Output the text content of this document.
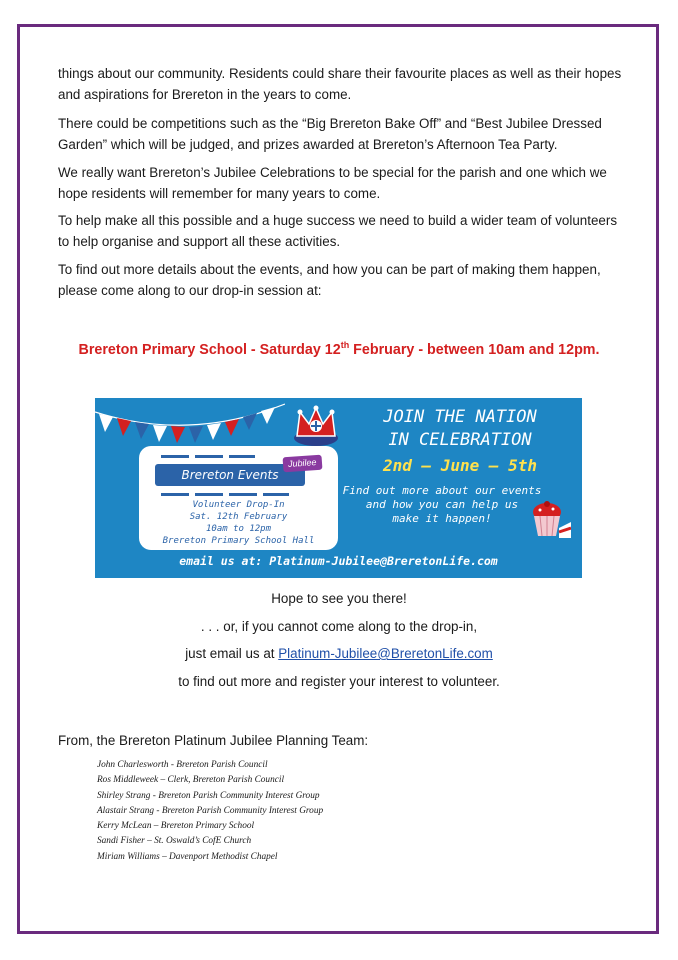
things about our community. Residents could share their favourite places as well as their hopes and aspirations for Brereton in the years to come.

There could be competitions such as the “Big Brereton Bake Off” and “Best Jubilee Dressed Garden” which will be judged, and prizes awarded at Brereton’s Afternoon Tea Party.

We really want Brereton’s Jubilee Celebrations to be special for the parish and one which we hope residents will remember for many years to come.

To help make all this possible and a huge success we need to build a wider team of volunteers to help organise and support all these activities.

To find out more details about the events, and how you can be part of making them happen, please come along to our drop-in session at:

Brereton Primary School - Saturday 12th February - between 10am and 12pm.
Brereton Events
Jubilee
Volunteer Drop-In
Sat. 12th February
10am to 12pm
Brereton Primary School Hall
JOIN THE NATION
IN CELEBRATION
2nd – June – 5th
Find out more about our events
and how you can help us
make it happen!
email us at: Platinum-Jubilee@BreretonLife.com
Hope to see you there!
. . . or, if you cannot come along to the drop-in,
just email us at Platinum-Jubilee@BreretonLife.com
to find out more and register your interest to volunteer.
From, the Brereton Platinum Jubilee Planning Team:
John Charlesworth - Brereton Parish Council
Ros Middleweek – Clerk, Brereton Parish Council
Shirley Strang - Brereton Parish Community Interest Group
Alastair Strang - Brereton Parish Community Interest Group
Kerry McLean – Brereton Primary School
Sandi Fisher – St. Oswald’s CofE Church
Miriam Williams – Davenport Methodist Chapel
